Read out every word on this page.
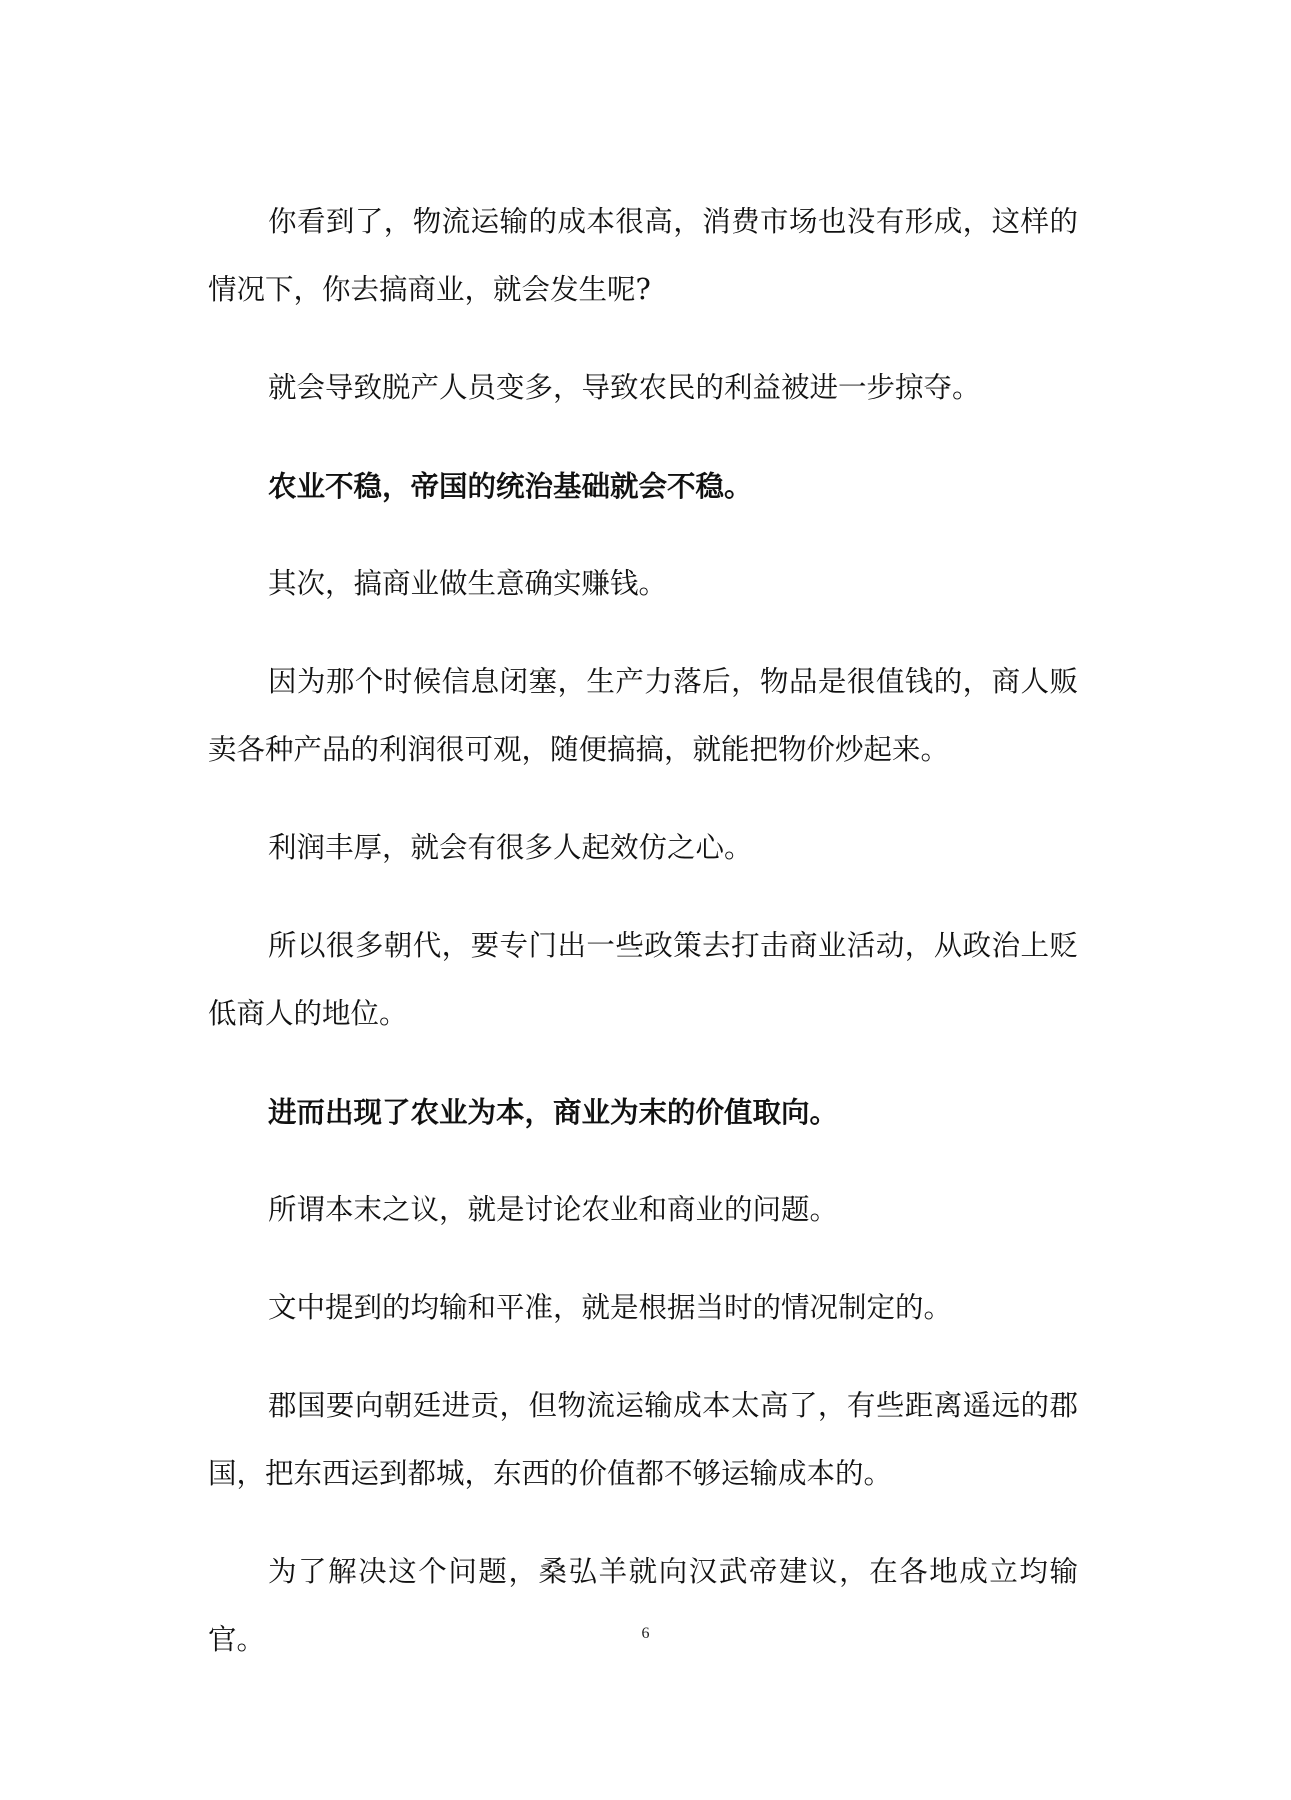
你看到了，物流运输的成本很高，消费市场也没有形成，这样的情况下，你去搞商业，就会发生呢?

就会导致脱产人员变多，导致农民的利益被进一步掠夺。

农业不稳，帝国的统治基础就会不稳。

其次，搞商业做生意确实赚钱。

因为那个时候信息闭塞，生产力落后，物品是很值钱的，商人贩卖各种产品的利润很可观，随便搞搞，就能把物价炒起来。

利润丰厚，就会有很多人起效仿之心。

所以很多朝代，要专门出一些政策去打击商业活动，从政治上贬低商人的地位。

进而出现了农业为本，商业为末的价值取向。

所谓本末之议，就是讨论农业和商业的问题。

文中提到的均输和平准，就是根据当时的情况制定的。

郡国要向朝廷进贡，但物流运输成本太高了，有些距离遥远的郡国，把东西运到都城，东西的价值都不够运输成本的。

为了解决这个问题，桑弘羊就向汉武帝建议，在各地成立均输官。	6
